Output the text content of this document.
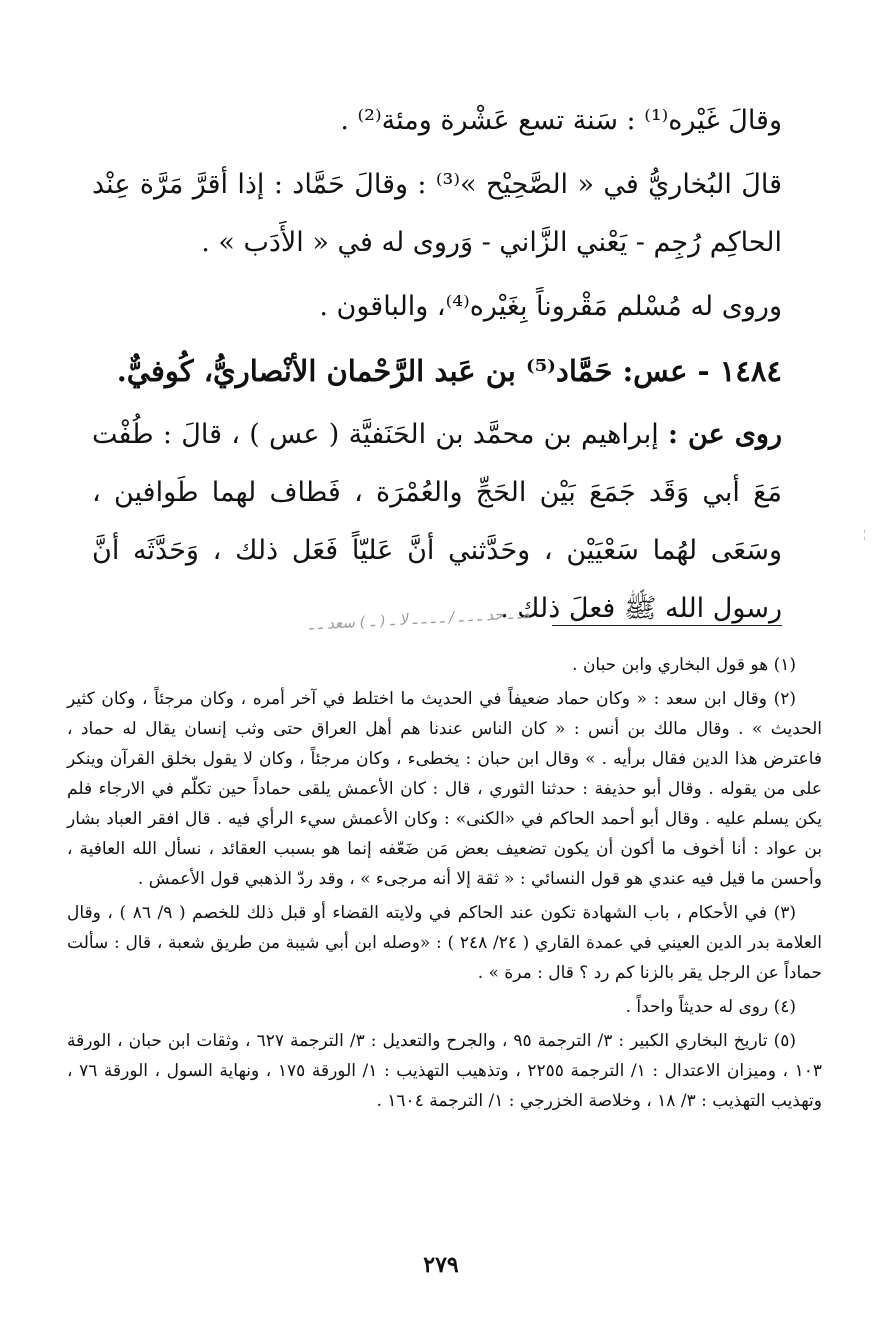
وقالَ غَيْره⁽¹⁾ : سَنة تسع عَشْرة ومئة⁽²⁾ .

قالَ البُخاريُّ في « الصَّحِيْح »⁽³⁾ : وقالَ حَمَّاد : إذا أقرَّ مَرَّة عِنْد الحاكِم رُجِم - يَعْني الزَّاني - وَروى له في « الأَدَب » .

وروى له مُسْلم مَقْروناً بِغَيْره⁽⁴⁾، والباقون .

١٤٨٤ - عس: حَمَّاد⁽⁵⁾ بن عَبد الرَّحْمان الأنْصاريُّ، كُوفيٌّ.

روى عن : إبراهيم بن محمَّد بن الحَنَفيَّة ( عس ) ، قالَ : طُفْت مَعَ أبي وَقَد جَمَعَ بَيْن الحَجِّ والعُمْرَة ، فَطاف لهما طَوافين ، وسَعَى لهُما سَعْيَيْن ، وحَدَّثني أنَّ عَليّاً فَعَل ذلك ، وَحَدَّثَه أنَّ رسول الله ﷺ فعلَ ذلك .

ـ ـ
مـ ـ حد ـ ـ ـ / ـ ـ ـ ـ لا ـ ( ـ ) سعد ـ ـ

(١) هو قول البخاري وابن حبان .

(٢) وقال ابن سعد : « وكان حماد ضعيفاً في الحديث ما اختلط في آخر أمره ، وكان مرجئاً ، وكان كثير الحديث » . وقال مالك بن أنس : « كان الناس عندنا هم أهل العراق حتى وثب إنسان يقال له حماد ، فاعترض هذا الدين فقال برأيه . » وقال ابن حبان : يخطىء ، وكان مرجئاً ، وكان لا يقول بخلق القرآن وينكر على من يقوله . وقال أبو حذيفة : حدثنا الثوري ، قال : كان الأعمش يلقى حماداً حين تكلّم في الارجاء فلم يكن يسلم عليه . وقال أبو أحمد الحاكم في «الكنى» : وكان الأعمش سيء الرأي فيه . قال افقر العباد بشار بن عواد : أنا أخوف ما أكون أن يكون تضعيف بعض مَن ضَعّفه إنما هو بسبب العقائد ، نسأل الله العافية ، وأحسن ما قيل فيه عندي هو قول النسائي : « ثقة إلا أنه مرجىء » ، وقد ردّ الذهبي قول الأعمش .

(٣) في الأحكام ، باب الشهادة تكون عند الحاكم في ولايته القضاء أو قبل ذلك للخصم ( ٩/ ٨٦ ) ، وقال العلامة بدر الدين العيني في عمدة القاري ( ٢٤/ ٢٤٨ ) : «وصله ابن أبي شيبة من طريق شعبة ، قال : سألت حماداً عن الرجل يقر بالزنا كم رد ؟ قال : مرة » .

(٤) روى له حديثاً واحداً .

(٥) تاريخ البخاري الكبير : ٣/ الترجمة ٩٥ ، والجرح والتعديل : ٣/ الترجمة ٦٢٧ ، وثقات ابن حبان ، الورقة ١٠٣ ، وميزان الاعتدال : ١/ الترجمة ٢٢٥٥ ، وتذهيب التهذيب : ١/ الورقة ١٧٥ ، ونهاية السول ، الورقة ٧٦ ، وتهذيب التهذيب : ٣/ ١٨ ، وخلاصة الخزرجي : ١/ الترجمة ١٦٠٤ .

٢٧٩
